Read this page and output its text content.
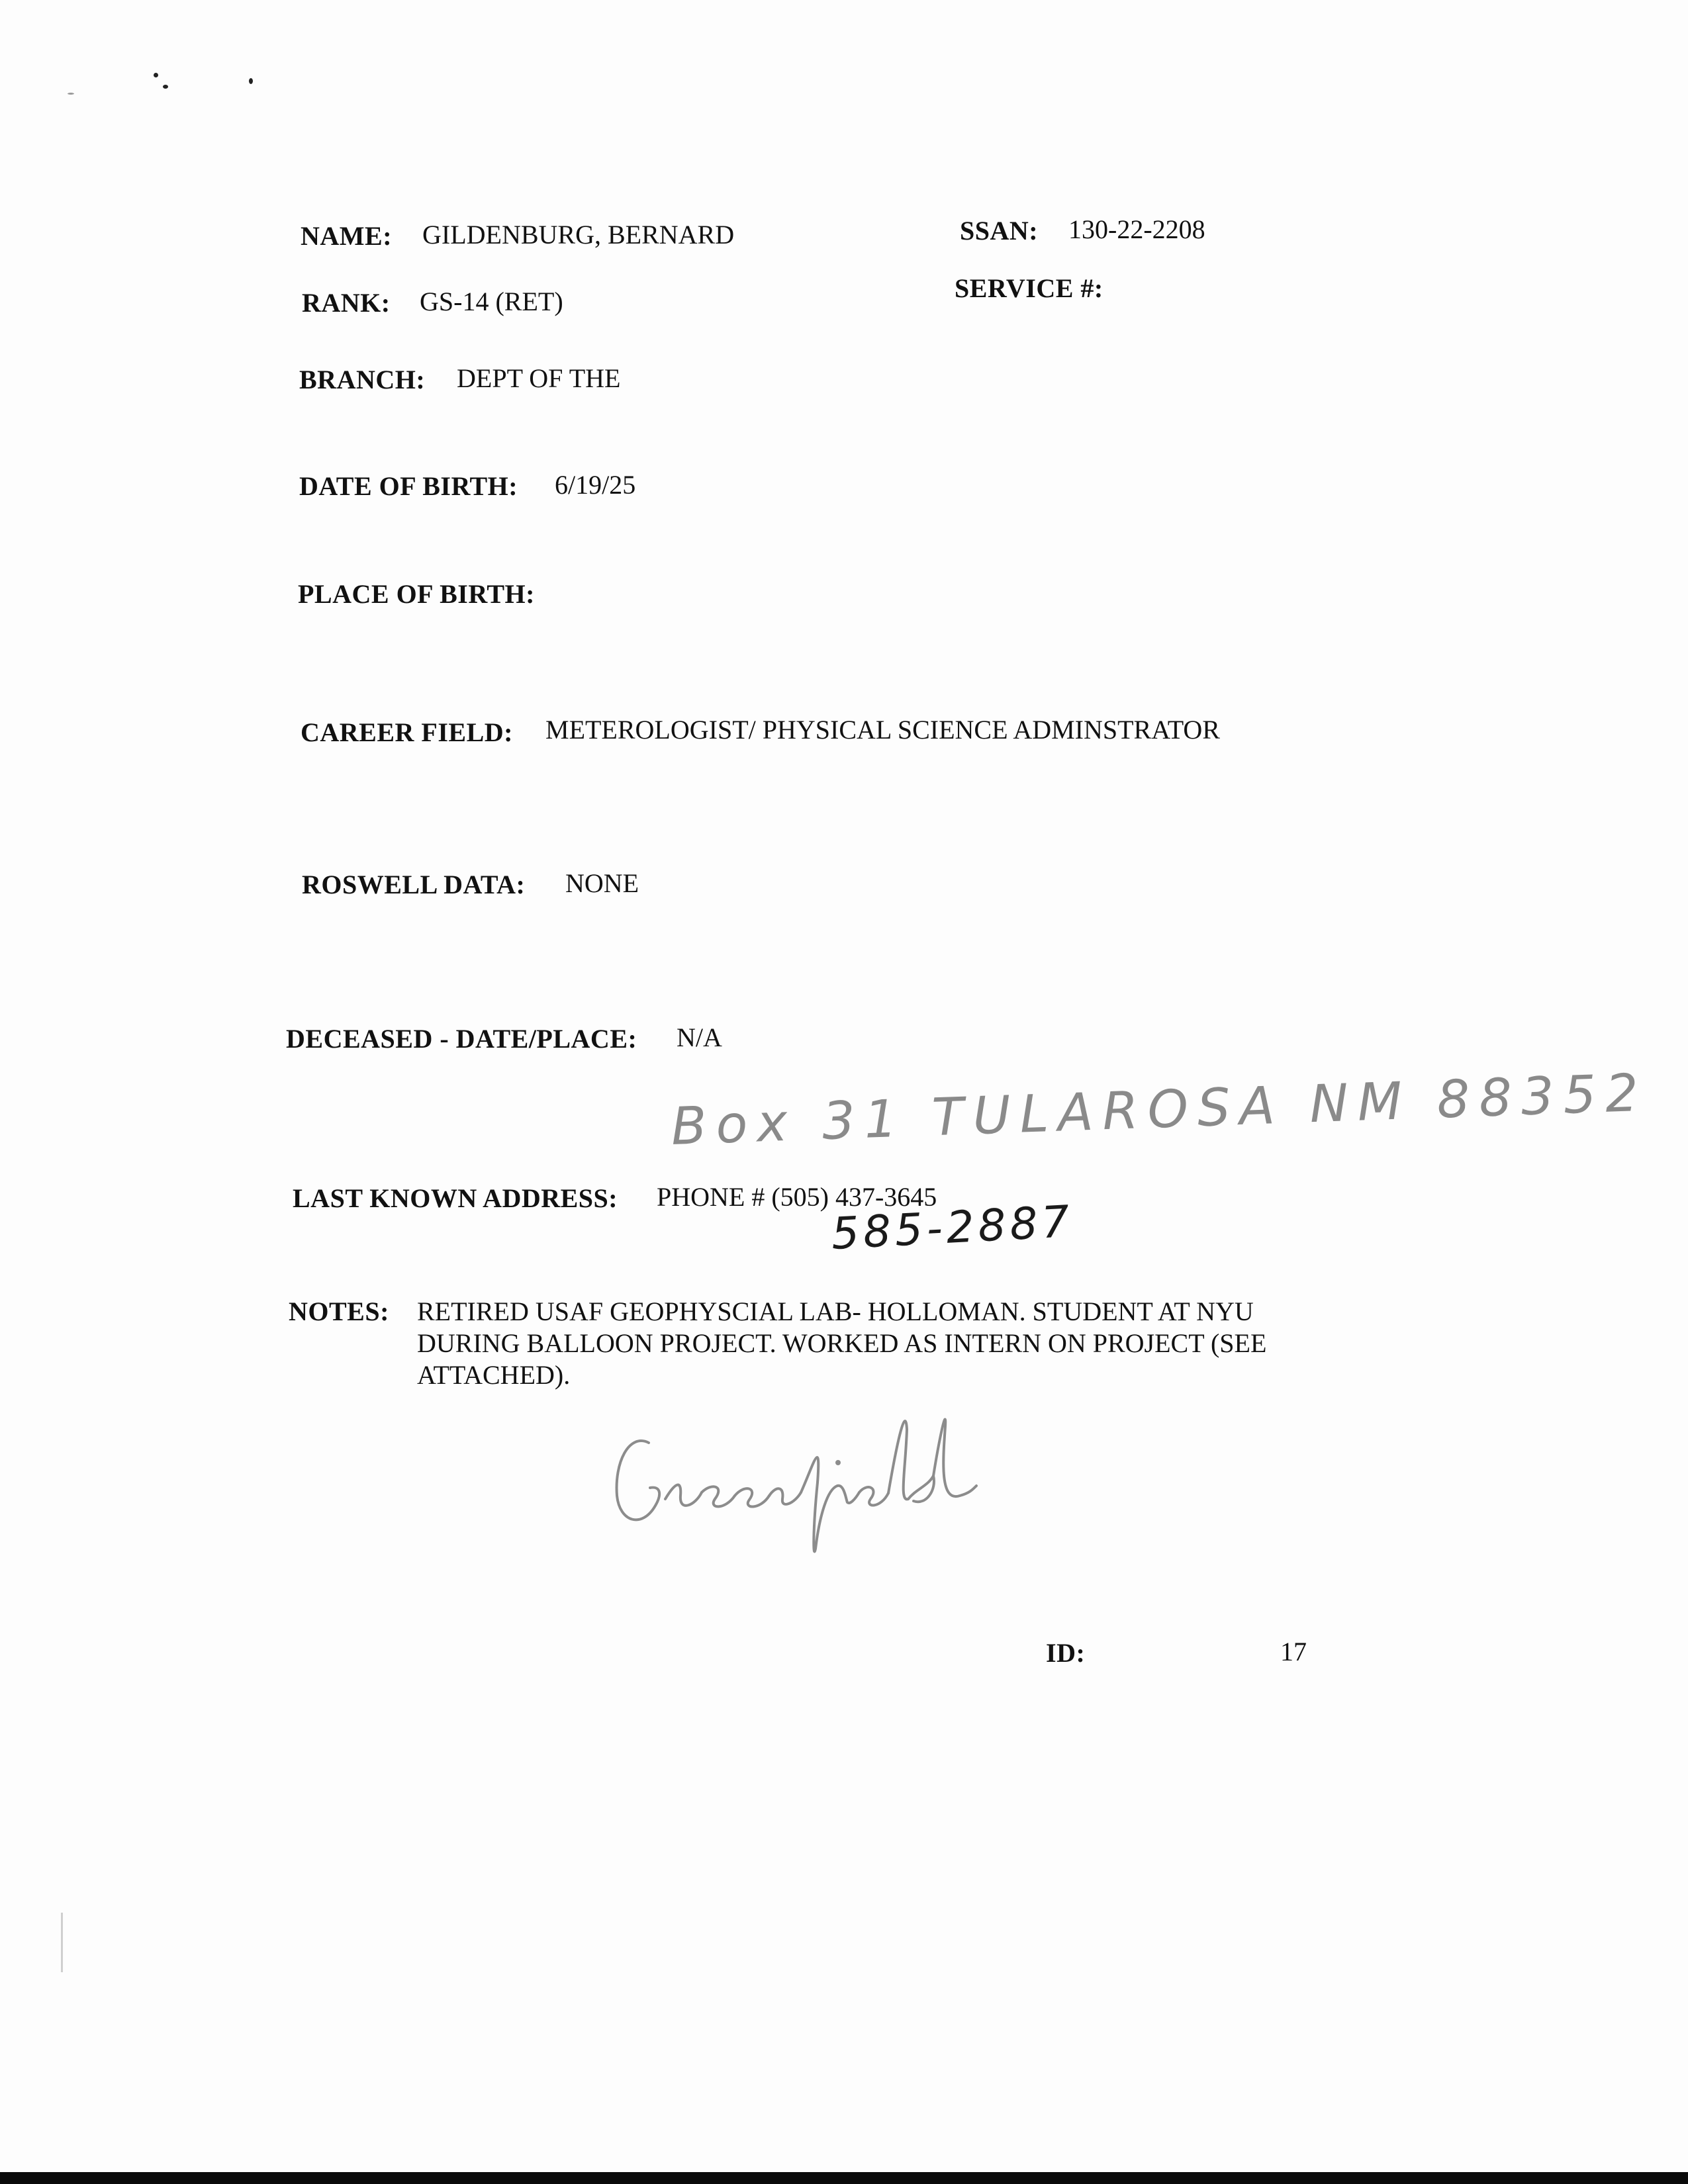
NAME: GILDENBURG, BERNARD	SSAN: 130-22-2208
RANK: GS-14 (RET)	SERVICE #:
BRANCH: DEPT OF THE
DATE OF BIRTH: 6/19/25
PLACE OF BIRTH:
CAREER FIELD: METEROLOGIST/ PHYSICAL SCIENCE ADMINSTRATOR
ROSWELL DATA: NONE
DECEASED - DATE/PLACE: N/A
Box 31 TULAROSA NM 88352
LAST KNOWN ADDRESS: PHONE # (505) 437-3645
585-2887
NOTES: RETIRED USAF GEOPHYSCIAL LAB- HOLLOMAN. STUDENT AT NYU
DURING BALLOON PROJECT. WORKED AS INTERN ON PROJECT (SEE
ATTACHED).
ID:	17
